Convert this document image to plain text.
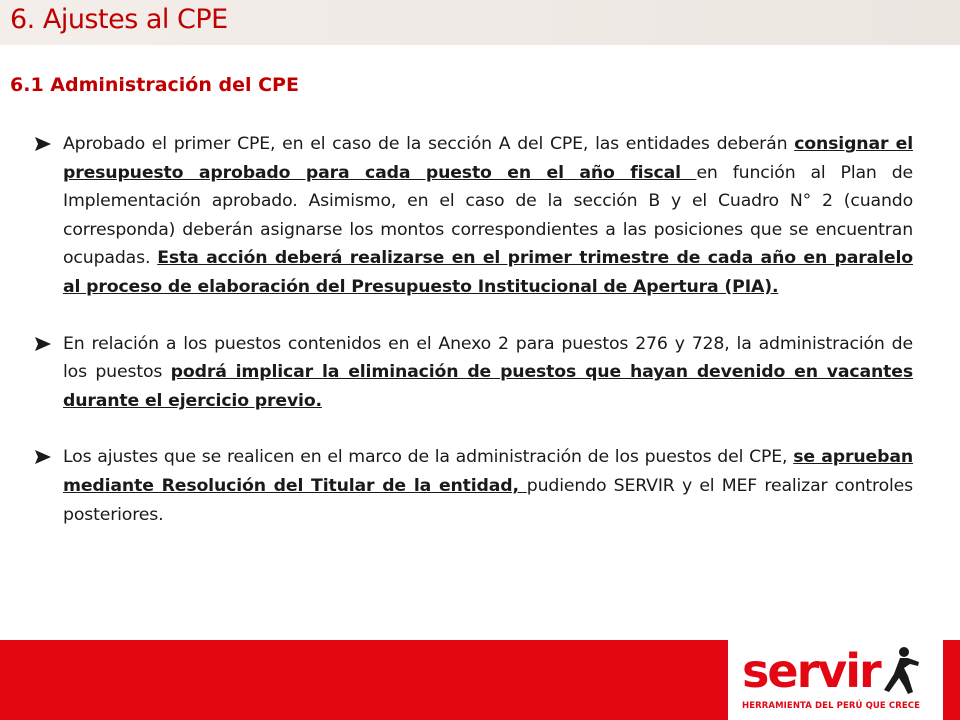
6. Ajustes al CPE
6.1 Administración del CPE
Aprobado el primer CPE, en el caso de la sección A del CPE, las entidades deberán consignar el presupuesto aprobado para cada puesto en el año fiscal en función al Plan de Implementación aprobado. Asimismo, en el caso de la sección B y el Cuadro N° 2 (cuando corresponda) deberán asignarse los montos correspondientes a las posiciones que se encuentran ocupadas. Esta acción deberá realizarse en el primer trimestre de cada año en paralelo al proceso de elaboración del Presupuesto Institucional de Apertura (PIA).
En relación a los puestos contenidos en el Anexo 2 para puestos 276 y 728, la administración de los puestos podrá implicar la eliminación de puestos que hayan devenido en vacantes durante el ejercicio previo.
Los ajustes que se realicen en el marco de la administración de los puestos del CPE, se aprueban mediante Resolución del Titular de la entidad, pudiendo SERVIR y el MEF realizar controles posteriores.
servir
HERRAMIENTA DEL PERÚ QUE CRECE
